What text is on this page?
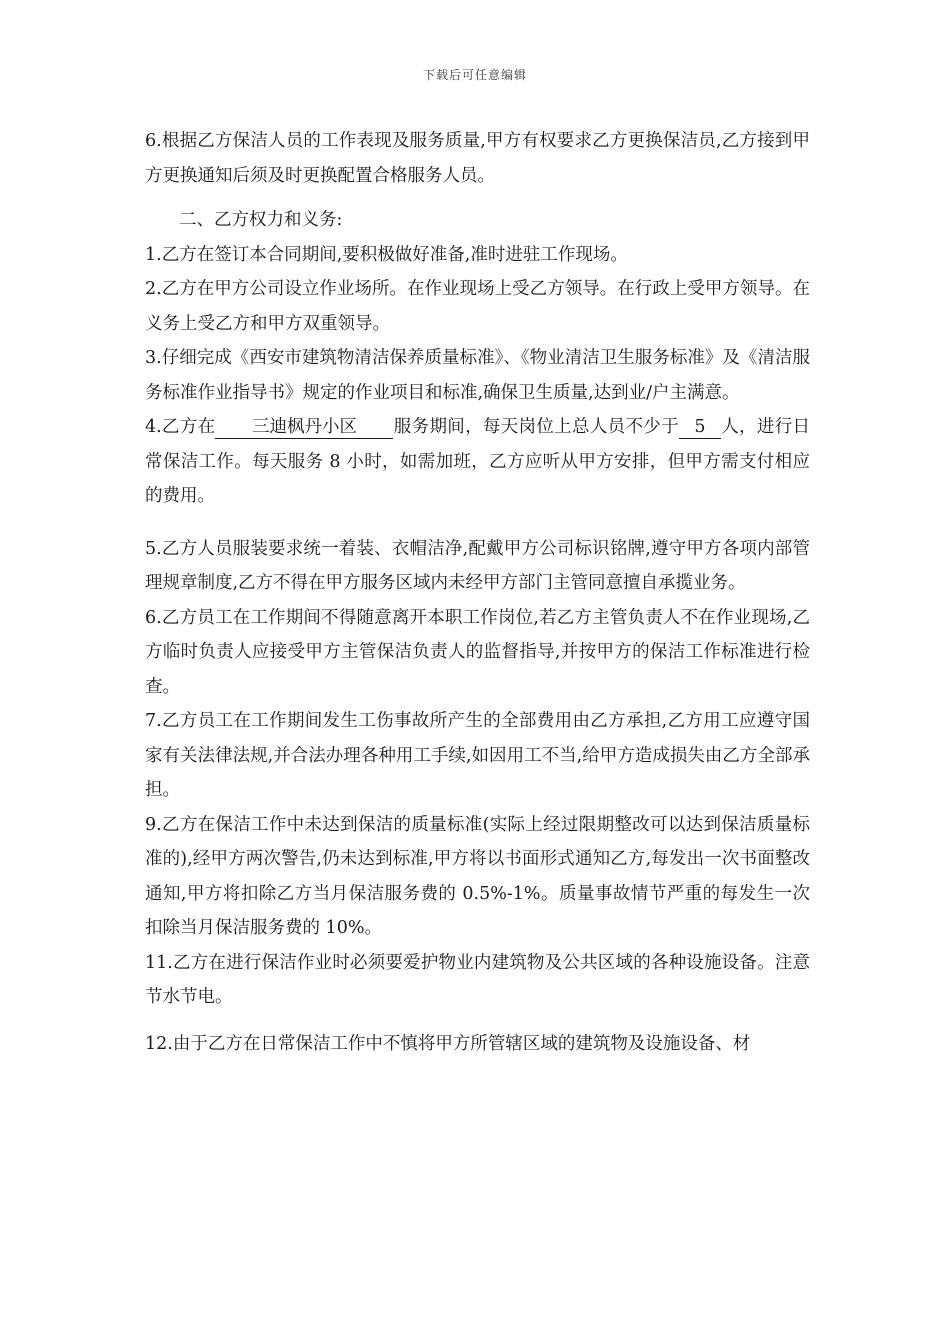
下载后可任意编辑

6.根据乙方保洁人员的工作表现及服务质量,甲方有权要求乙方更换保洁员,乙方接到甲方更换通知后须及时更换配置合格服务人员。

二、乙方权力和义务:

1.乙方在签订本合同期间,要积极做好准备,准时进驻工作现场。

2.乙方在甲方公司设立作业场所。在作业现场上受乙方领导。在行政上受甲方领导。在义务上受乙方和甲方双重领导。

3.仔细完成《西安市建筑物清洁保养质量标准》、《物业清洁卫生服务标准》及《清洁服务标准作业指导书》规定的作业项目和标准,确保卫生质量,达到业/户主满意。

4.乙方在 三迪枫丹小区 服务期间，每天岗位上总人员不少于 5 人，进行日常保洁工作。每天服务 8 小时，如需加班，乙方应听从甲方安排，但甲方需支付相应的费用。

5.乙方人员服装要求统一着装、衣帽洁净,配戴甲方公司标识铭牌,遵守甲方各项内部管理规章制度,乙方不得在甲方服务区域内未经甲方部门主管同意擅自承揽业务。

6.乙方员工在工作期间不得随意离开本职工作岗位,若乙方主管负责人不在作业现场,乙方临时负责人应接受甲方主管保洁负责人的监督指导,并按甲方的保洁工作标准进行检查。

7.乙方员工在工作期间发生工伤事故所产生的全部费用由乙方承担,乙方用工应遵守国家有关法律法规,并合法办理各种用工手续,如因用工不当,给甲方造成损失由乙方全部承担。

9.乙方在保洁工作中未达到保洁的质量标准(实际上经过限期整改可以达到保洁质量标准的),经甲方两次警告,仍未达到标准,甲方将以书面形式通知乙方,每发出一次书面整改通知,甲方将扣除乙方当月保洁服务费的 0.5%-1%。质量事故情节严重的每发生一次扣除当月保洁服务费的 10%。

11.乙方在进行保洁作业时必须要爱护物业内建筑物及公共区域的各种设施设备。注意节水节电。

12.由于乙方在日常保洁工作中不慎将甲方所管辖区域的建筑物及设施设备、材
